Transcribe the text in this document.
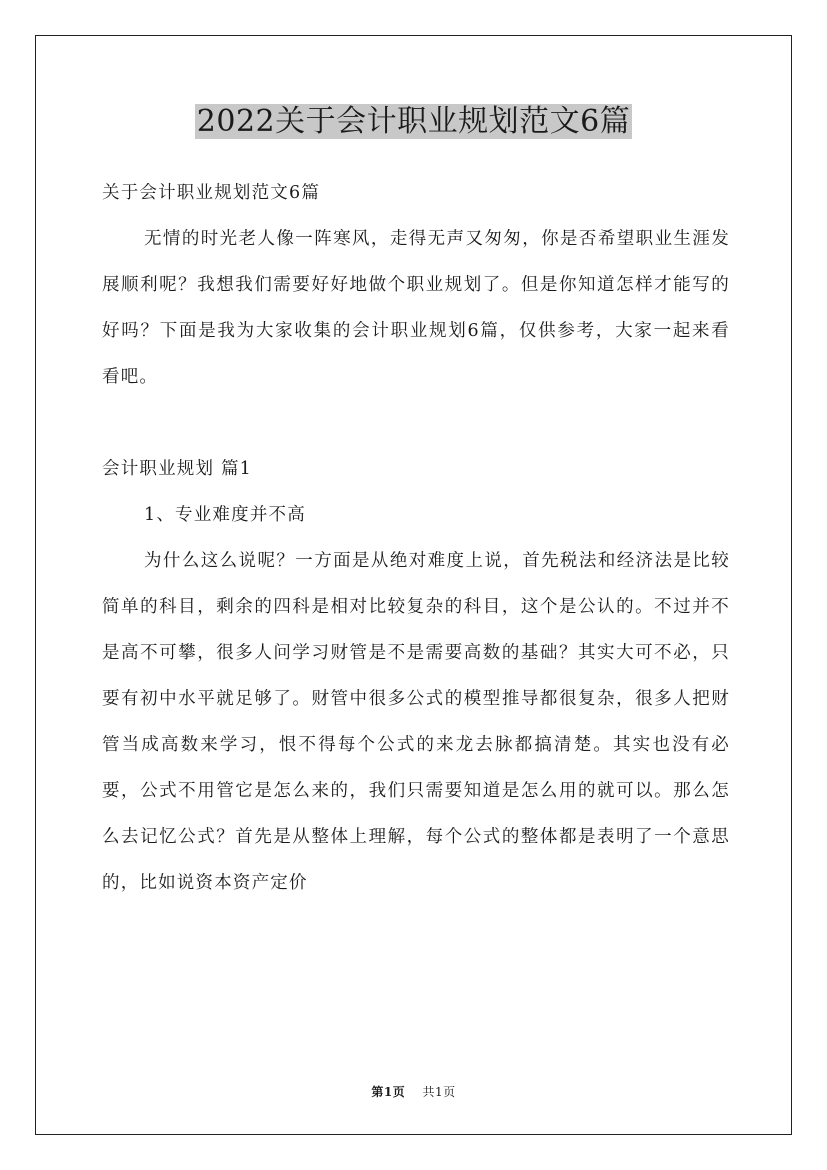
2022关于会计职业规划范文6篇

关于会计职业规划范文6篇

无情的时光老人像一阵寒风，走得无声又匆匆，你是否希望职业生涯发展顺利呢？我想我们需要好好地做个职业规划了。但是你知道怎样才能写的好吗？下面是我为大家收集的会计职业规划6篇，仅供参考，大家一起来看看吧。

会计职业规划 篇1

1、专业难度并不高

为什么这么说呢？一方面是从绝对难度上说，首先税法和经济法是比较简单的科目，剩余的四科是相对比较复杂的科目，这个是公认的。不过并不是高不可攀，很多人问学习财管是不是需要高数的基础？其实大可不必，只要有初中水平就足够了。财管中很多公式的模型推导都很复杂，很多人把财管当成高数来学习，恨不得每个公式的来龙去脉都搞清楚。其实也没有必要，公式不用管它是怎么来的，我们只需要知道是怎么用的就可以。那么怎么去记忆公式？首先是从整体上理解，每个公式的整体都是表明了一个意思的，比如说资本资产定价

第1页 共1页
